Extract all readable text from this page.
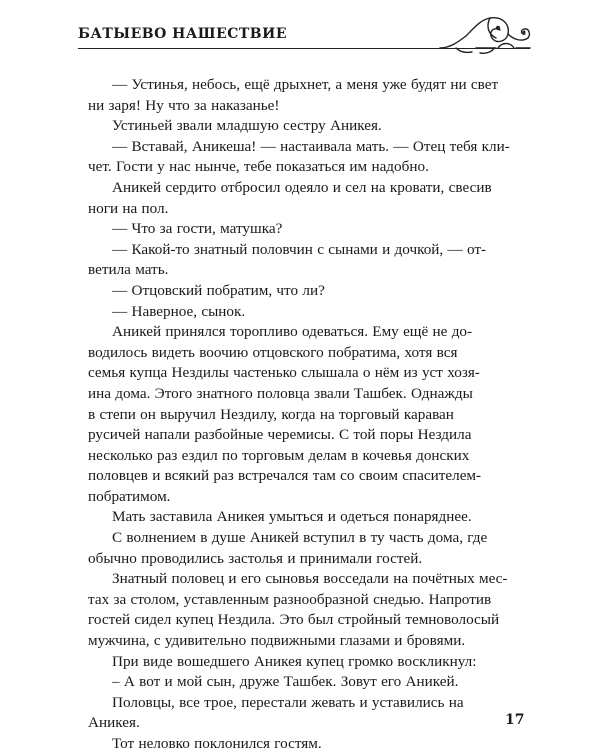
БАТЫЕВО НАШЕСТВИЕ

— Устинья, небось, ещё дрыхнет, а меня уже будят ни свет
ни заря! Ну что за наказанье!

Устиньей звали младшую сестру Аникея.

— Вставай, Аникеша! — настаивала мать. — Отец тебя кли-
чет. Гости у нас нынче, тебе показаться им надобно.

Аникей сердито отбросил одеяло и сел на кровати, свесив
ноги на пол.

— Что за гости, матушка?

— Какой-то знатный половчин с сынами и дочкой, — от-
ветила мать.

— Отцовский побратим, что ли?

— Наверное, сынок.

Аникей принялся торопливо одеваться. Ему ещё не до-
водилось видеть воочию отцовского побратима, хотя вся
семья купца Нездилы частенько слышала о нём из уст хозя-
ина дома. Этого знатного половца звали Ташбек. Однажды
в степи он выручил Нездилу, когда на торговый караван
русичей напали разбойные черемисы. С той поры Нездила
несколько раз ездил по торговым делам в кочевья донских
половцев и всякий раз встречался там со своим спасителем-
побратимом.

Мать заставила Аникея умыться и одеться понаряднее.

С волнением в душе Аникей вступил в ту часть дома, где
обычно проводились застолья и принимали гостей.

Знатный половец и его сыновья восседали на почётных мес-
тах за столом, уставленным разнообразной снедью. Напротив
гостей сидел купец Нездила. Это был стройный темноволосый
мужчина, с удивительно подвижными глазами и бровями.

При виде вошедшего Аникея купец громко воскликнул:

– А вот и мой сын, друже Ташбек. Зовут его Аникей.

Половцы, все трое, перестали жевать и уставились на
Аникея.

Тот неловко поклонился гостям.

17
